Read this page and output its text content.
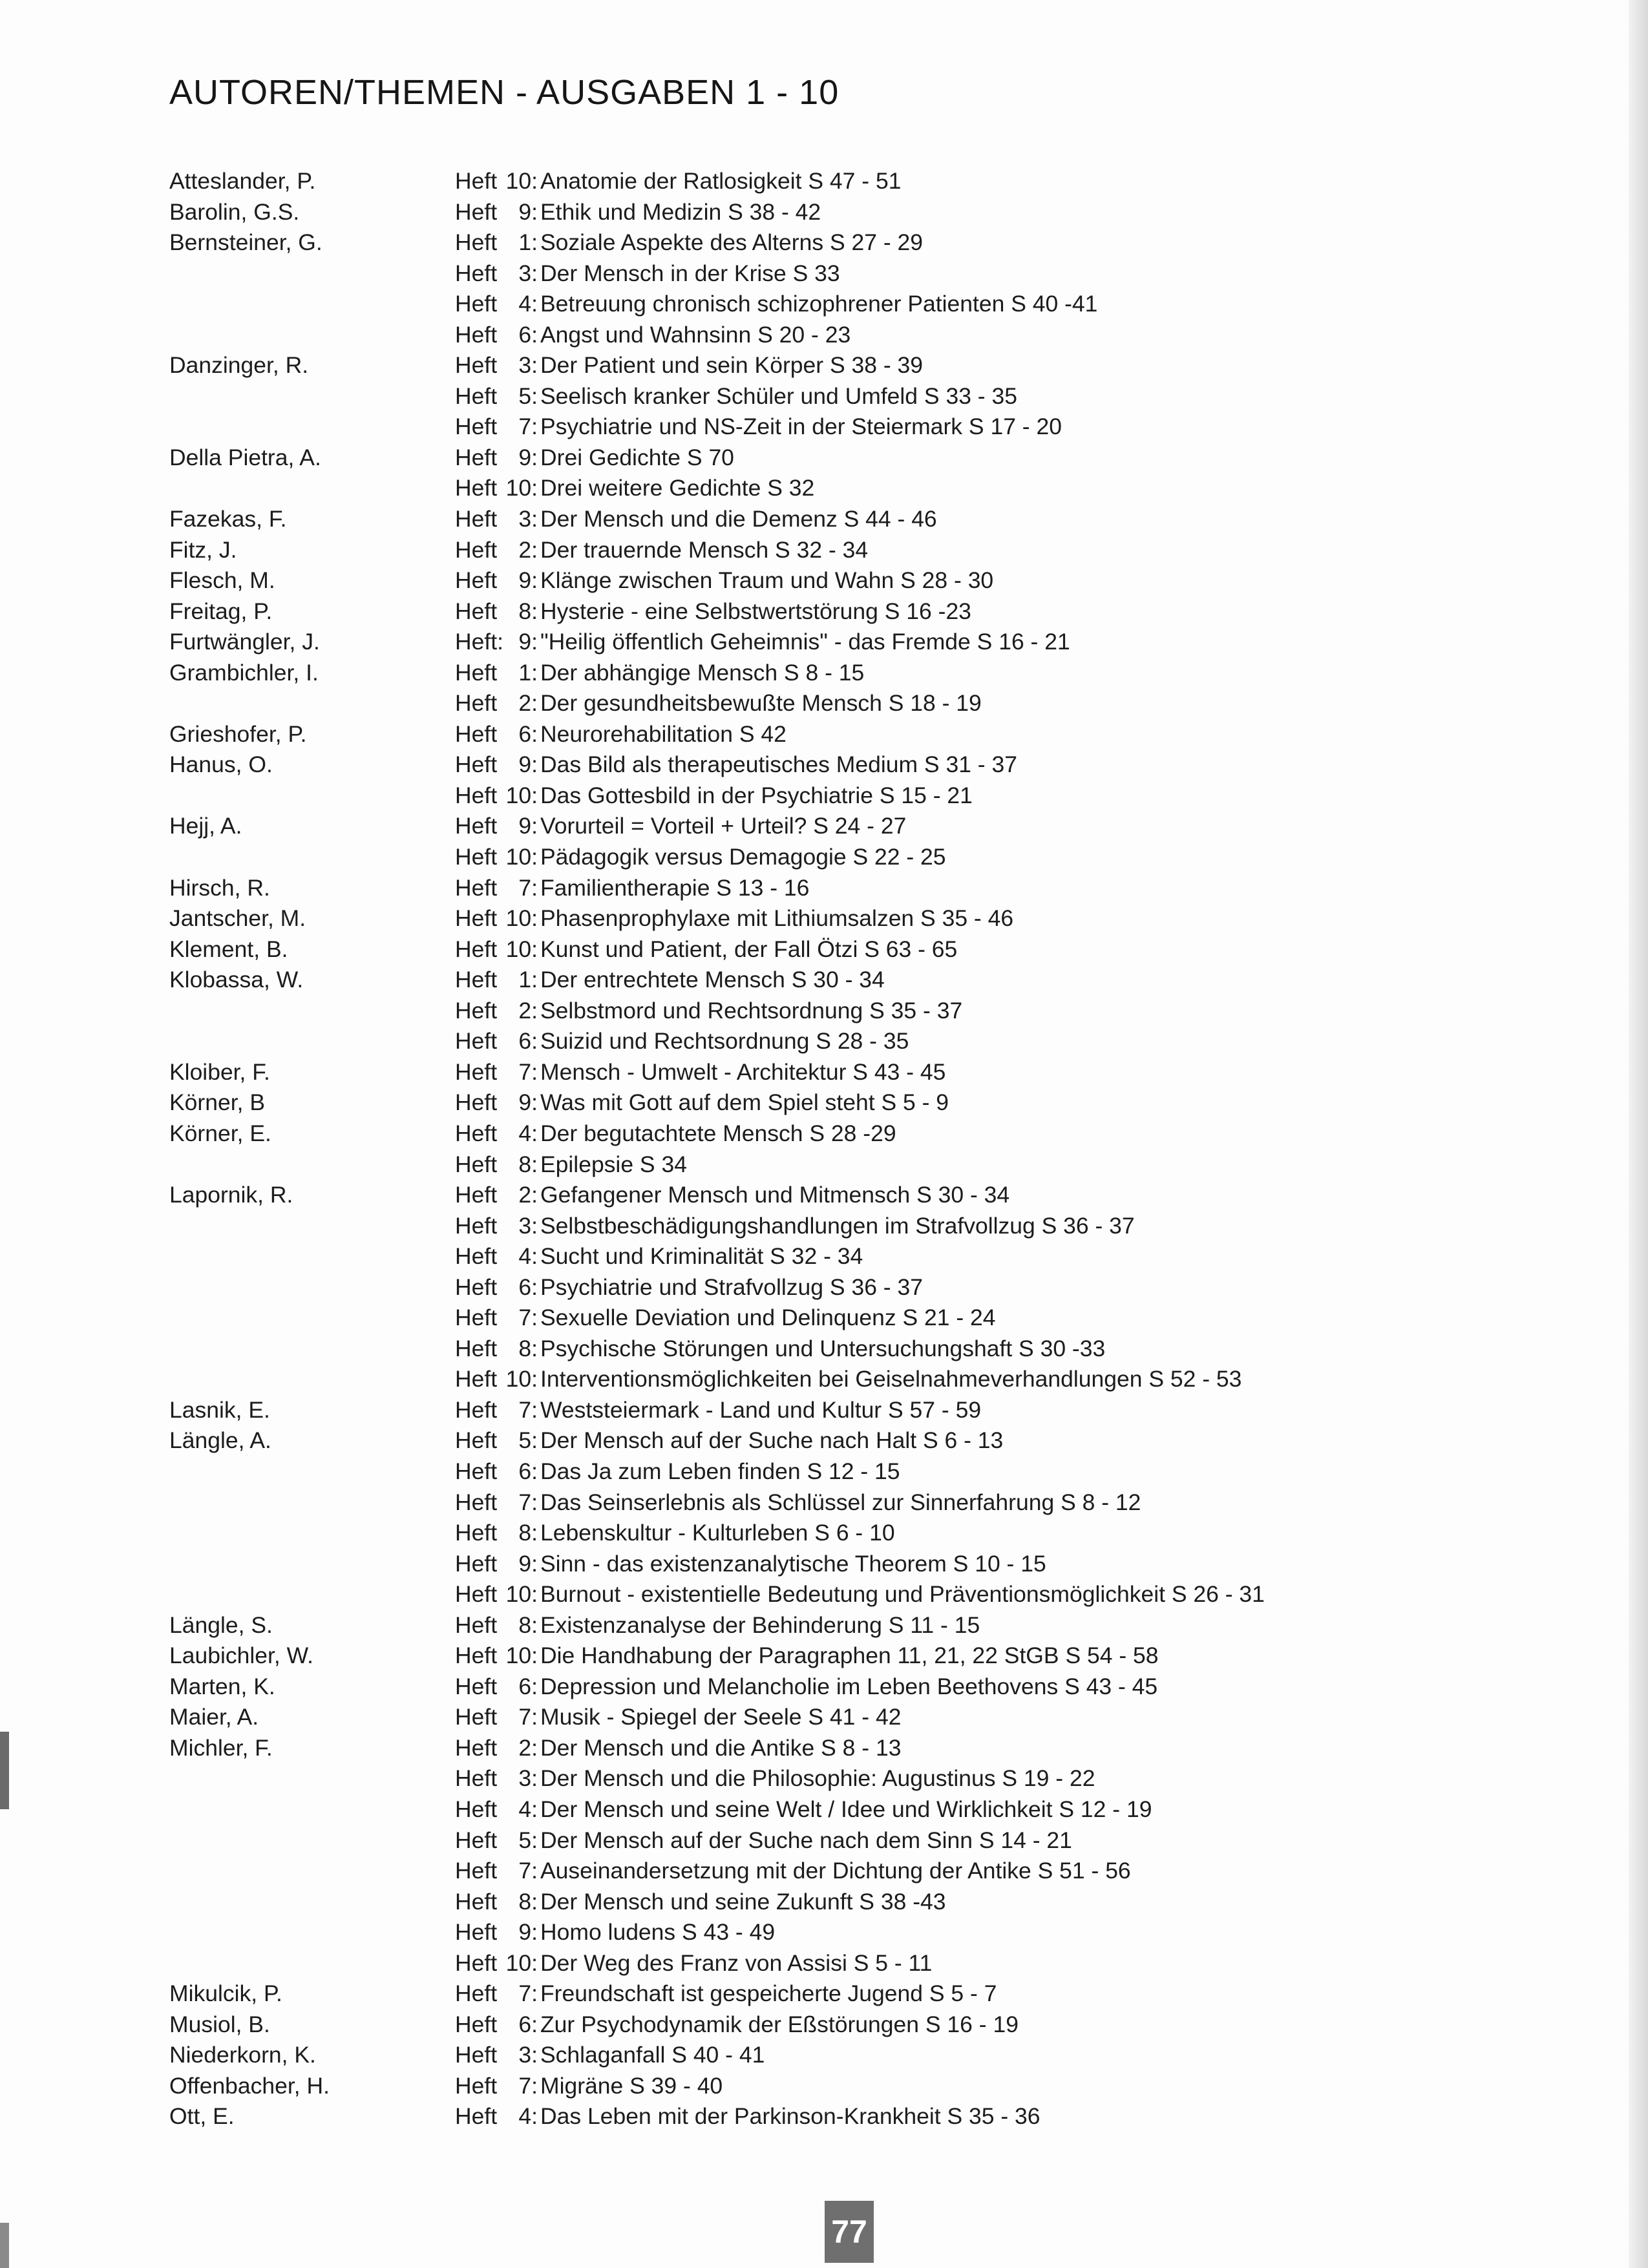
AUTOREN/THEMEN - AUSGABEN 1 - 10
Atteslander, P.	Heft 10: Anatomie der Ratlosigkeit S 47 - 51
Barolin, G.S.	Heft 9: Ethik und Medizin S 38 - 42
Bernsteiner, G.	Heft 1: Soziale Aspekte des Alterns S 27 - 29
Heft 3: Der Mensch in der Krise S 33
Heft 4: Betreuung chronisch schizophrener Patienten S 40 -41
Heft 6: Angst und Wahnsinn S 20 - 23
Danzinger, R.	Heft 3: Der Patient und sein Körper S 38 - 39
Heft 5: Seelisch kranker Schüler und Umfeld S 33 - 35
Heft 7: Psychiatrie und NS-Zeit in der Steiermark S 17 - 20
Della Pietra, A.	Heft 9: Drei Gedichte S 70
Heft 10: Drei weitere Gedichte S 32
Fazekas, F.	Heft 3: Der Mensch und die Demenz S 44 - 46
Fitz, J.	Heft 2: Der trauernde Mensch S 32 - 34
Flesch, M.	Heft 9: Klänge zwischen Traum und Wahn S 28 - 30
Freitag, P.	Heft 8: Hysterie - eine Selbstwertstörung S 16 -23
Furtwängler, J.	Heft: 9: "Heilig öffentlich Geheimnis" - das Fremde S 16 - 21
Grambichler, I.	Heft 1: Der abhängige Mensch S 8 - 15
Heft 2: Der gesundheitsbewußte Mensch S 18 - 19
Grieshofer, P.	Heft 6: Neurorehabilitation S 42
Hanus, O.	Heft 9: Das Bild als therapeutisches Medium S 31 - 37
Heft 10: Das Gottesbild in der Psychiatrie S 15 - 21
Hejj, A.	Heft 9: Vorurteil = Vorteil + Urteil? S 24 - 27
Heft 10: Pädagogik versus Demagogie S 22 - 25
Hirsch, R.	Heft 7: Familientherapie S 13 - 16
Jantscher, M.	Heft 10: Phasenprophylaxe mit Lithiumsalzen S 35 - 46
Klement, B.	Heft 10: Kunst und Patient, der Fall Ötzi S 63 - 65
Klobassa, W.	Heft 1: Der entrechtete Mensch S 30 - 34
Heft 2: Selbstmord und Rechtsordnung S 35 - 37
Heft 6: Suizid und Rechtsordnung S 28 - 35
Kloiber, F.	Heft 7: Mensch - Umwelt - Architektur S 43 - 45
Körner, B	Heft 9: Was mit Gott auf dem Spiel steht S 5 - 9
Körner, E.	Heft 4: Der begutachtete Mensch S 28 -29
Heft 8: Epilepsie S 34
Lapornik, R.	Heft 2: Gefangener Mensch und Mitmensch S 30 - 34
Heft 3: Selbstbeschädigungshandlungen im Strafvollzug S 36 - 37
Heft 4: Sucht und Kriminalität S 32 - 34
Heft 6: Psychiatrie und Strafvollzug S 36 - 37
Heft 7: Sexuelle Deviation und Delinquenz S 21 - 24
Heft 8: Psychische Störungen und Untersuchungshaft S 30 -33
Heft 10: Interventionsmöglichkeiten bei Geiselnahmeverhandlungen S 52 - 53
Lasnik, E.	Heft 7: Weststeiermark - Land und Kultur S 57 - 59
Längle, A.	Heft 5: Der Mensch auf der Suche nach Halt S 6 - 13
Heft 6: Das Ja zum Leben finden S 12 - 15
Heft 7: Das Seinserlebnis als Schlüssel zur Sinnerfahrung S 8 - 12
Heft 8: Lebenskultur - Kulturleben S 6 - 10
Heft 9: Sinn - das existenzanalytische Theorem S 10 - 15
Heft 10: Burnout - existentielle Bedeutung und Präventionsmöglichkeit S 26 - 31
Längle, S.	Heft 8: Existenzanalyse der Behinderung S 11 - 15
Laubichler, W.	Heft 10: Die Handhabung der Paragraphen 11, 21, 22 StGB S 54 - 58
Marten, K.	Heft 6: Depression und Melancholie im Leben Beethovens S 43 - 45
Maier, A.	Heft 7: Musik - Spiegel der Seele S 41 - 42
Michler, F.	Heft 2: Der Mensch und die Antike S 8 - 13
Heft 3: Der Mensch und die Philosophie: Augustinus S 19 - 22
Heft 4: Der Mensch und seine Welt / Idee und Wirklichkeit S 12 - 19
Heft 5: Der Mensch auf der Suche nach dem Sinn S 14 - 21
Heft 7: Auseinandersetzung mit der Dichtung der Antike S 51 - 56
Heft 8: Der Mensch und seine Zukunft S 38 -43
Heft 9: Homo ludens S 43 - 49
Heft 10: Der Weg des Franz von Assisi S 5 - 11
Mikulcik, P.	Heft 7: Freundschaft ist gespeicherte Jugend S 5 - 7
Musiol, B.	Heft 6: Zur Psychodynamik der Eßstörungen S 16 - 19
Niederkorn, K.	Heft 3: Schlaganfall S 40 - 41
Offenbacher, H.	Heft 7: Migräne S 39 - 40
Ott, E.	Heft 4: Das Leben mit der Parkinson-Krankheit S 35 - 36
77
